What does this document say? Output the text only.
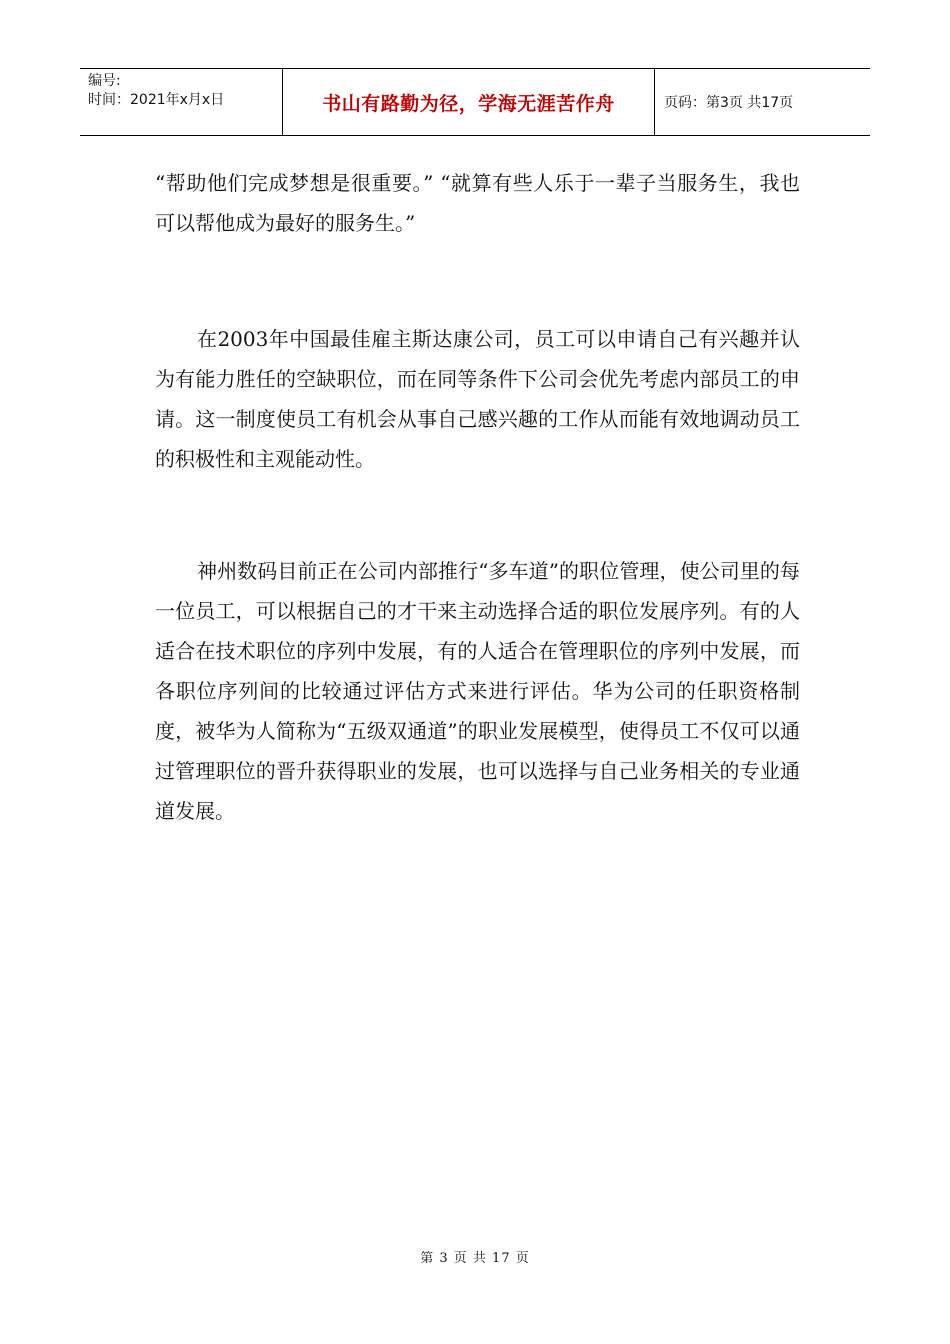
编号:
时间：2021年x月x日	书山有路勤为径，学海无涯苦作舟	页码：第3页 共17页

“帮助他们完成梦想是很重要。” “就算有些人乐于一辈子当服务生，我也可以帮他成为最好的服务生。”

在2003年中国最佳雇主斯达康公司，员工可以申请自己有兴趣并认为有能力胜任的空缺职位，而在同等条件下公司会优先考虑内部员工的申请。这一制度使员工有机会从事自己感兴趣的工作从而能有效地调动员工的积极性和主观能动性。

神州数码目前正在公司内部推行“多车道”的职位管理，使公司里的每一位员工，可以根据自己的才干来主动选择合适的职位发展序列。有的人适合在技术职位的序列中发展，有的人适合在管理职位的序列中发展，而各职位序列间的比较通过评估方式来进行评估。华为公司的任职资格制度，被华为人简称为“五级双通道”的职业发展模型，使得员工不仅可以通过管理职位的晋升获得职业的发展，也可以选择与自己业务相关的专业通道发展。

第 3 页 共 17 页
